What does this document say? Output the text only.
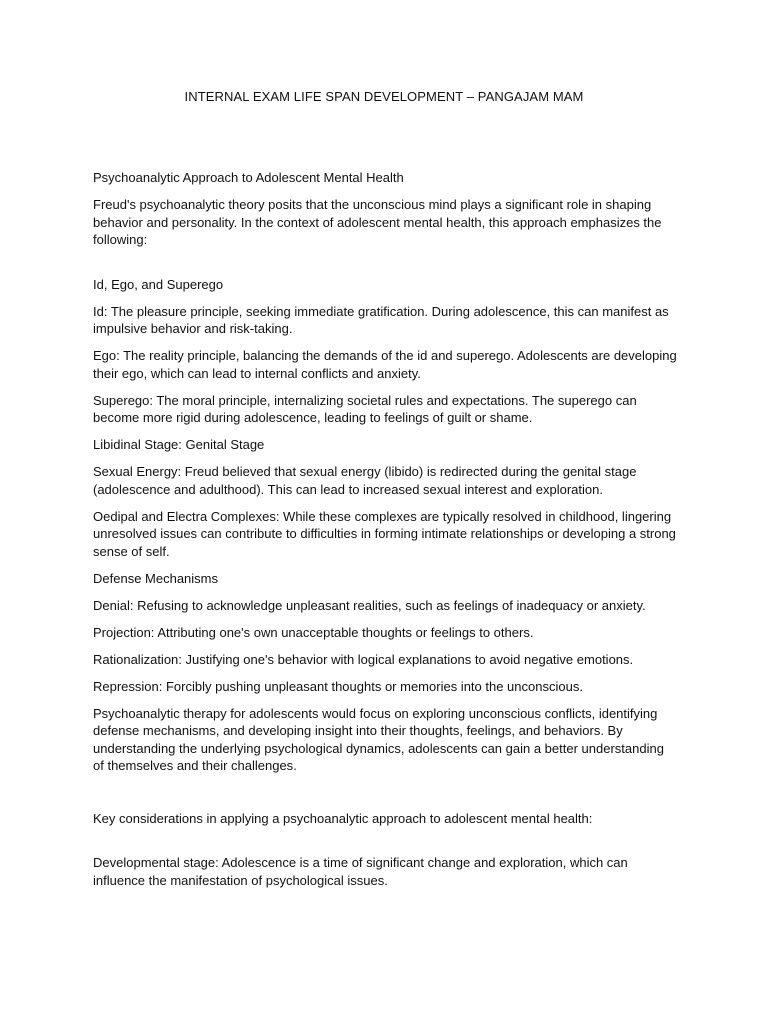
INTERNAL EXAM LIFE SPAN DEVELOPMENT – PANGAJAM MAM

Psychoanalytic Approach to Adolescent Mental Health

Freud's psychoanalytic theory posits that the unconscious mind plays a significant role in shaping behavior and personality. In the context of adolescent mental health, this approach emphasizes the following:

Id, Ego, and Superego

Id: The pleasure principle, seeking immediate gratification. During adolescence, this can manifest as impulsive behavior and risk-taking.

Ego: The reality principle, balancing the demands of the id and superego. Adolescents are developing their ego, which can lead to internal conflicts and anxiety.

Superego: The moral principle, internalizing societal rules and expectations. The superego can become more rigid during adolescence, leading to feelings of guilt or shame.

Libidinal Stage: Genital Stage

Sexual Energy: Freud believed that sexual energy (libido) is redirected during the genital stage (adolescence and adulthood). This can lead to increased sexual interest and exploration.

Oedipal and Electra Complexes: While these complexes are typically resolved in childhood, lingering unresolved issues can contribute to difficulties in forming intimate relationships or developing a strong sense of self.

Defense Mechanisms

Denial: Refusing to acknowledge unpleasant realities, such as feelings of inadequacy or anxiety.

Projection: Attributing one's own unacceptable thoughts or feelings to others.

Rationalization: Justifying one's behavior with logical explanations to avoid negative emotions.

Repression: Forcibly pushing unpleasant thoughts or memories into the unconscious.

Psychoanalytic therapy for adolescents would focus on exploring unconscious conflicts, identifying defense mechanisms, and developing insight into their thoughts, feelings, and behaviors. By understanding the underlying psychological dynamics, adolescents can gain a better understanding of themselves and their challenges.

Key considerations in applying a psychoanalytic approach to adolescent mental health:

Developmental stage: Adolescence is a time of significant change and exploration, which can influence the manifestation of psychological issues.
